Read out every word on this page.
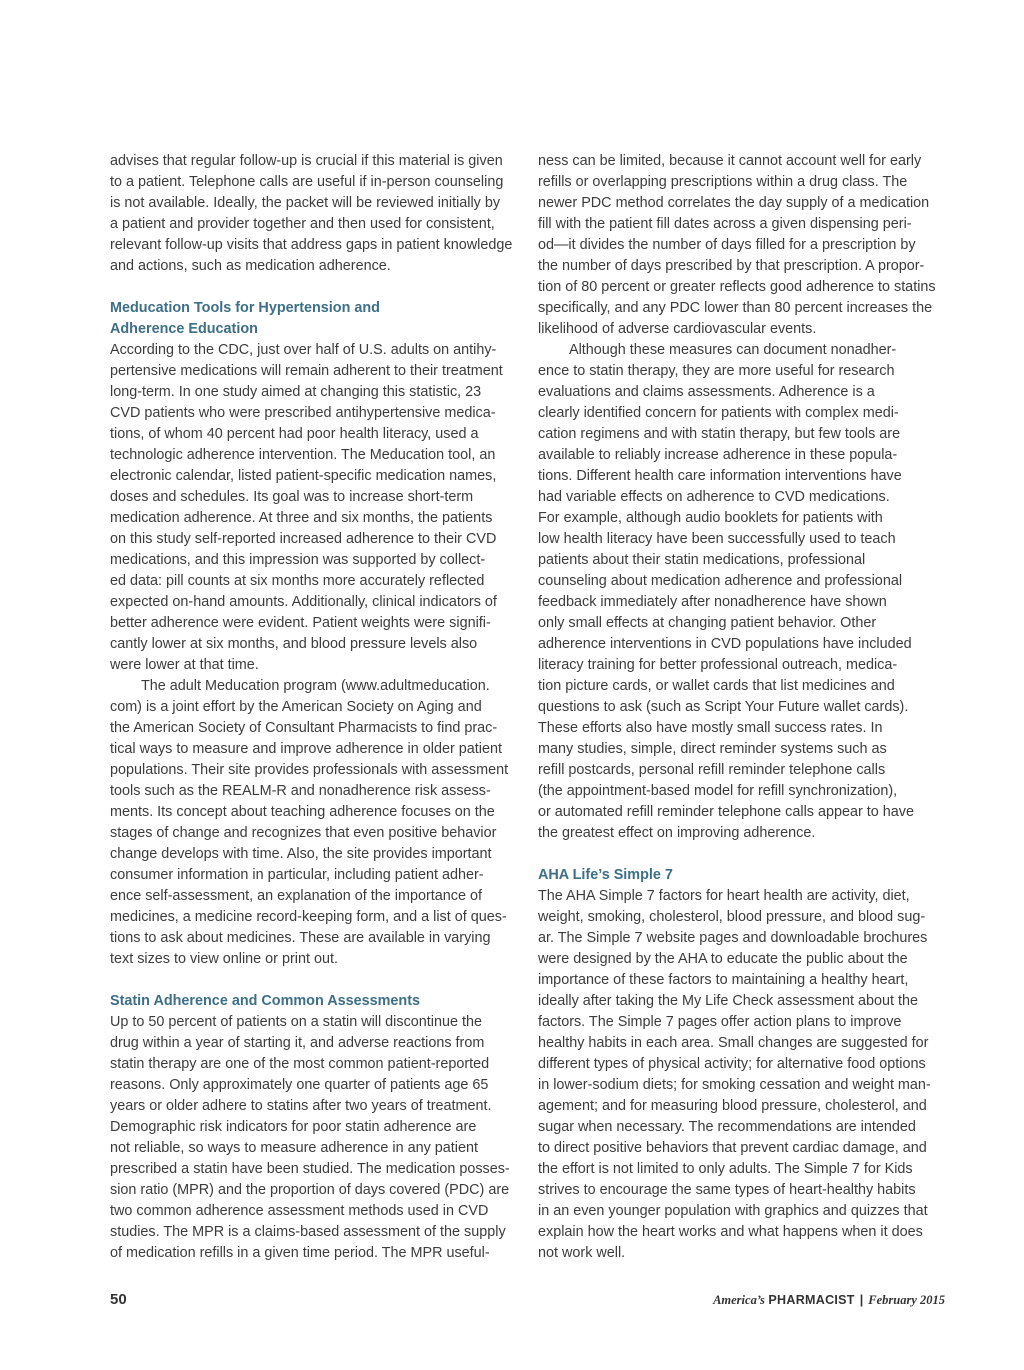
advises that regular follow-up is crucial if this material is given
to a patient. Telephone calls are useful if in-person counseling
is not available. Ideally, the packet will be reviewed initially by
a patient and provider together and then used for consistent,
relevant follow-up visits that address gaps in patient knowledge
and actions, such as medication adherence.
Meducation Tools for Hypertension and
Adherence Education
According to the CDC, just over half of U.S. adults on antihy-
pertensive medications will remain adherent to their treatment
long-term. In one study aimed at changing this statistic, 23
CVD patients who were prescribed antihypertensive medica-
tions, of whom 40 percent had poor health literacy, used a
technologic adherence intervention. The Meducation tool, an
electronic calendar, listed patient-specific medication names,
doses and schedules. Its goal was to increase short-term
medication adherence. At three and six months, the patients
on this study self-reported increased adherence to their CVD
medications, and this impression was supported by collect-
ed data: pill counts at six months more accurately reflected
expected on-hand amounts. Additionally, clinical indicators of
better adherence were evident. Patient weights were signifi-
cantly lower at six months, and blood pressure levels also
were lower at that time.
The adult Meducation program (www.adultmeducation.
com) is a joint effort by the American Society on Aging and
the American Society of Consultant Pharmacists to find prac-
tical ways to measure and improve adherence in older patient
populations. Their site provides professionals with assessment
tools such as the REALM-R and nonadherence risk assess-
ments. Its concept about teaching adherence focuses on the
stages of change and recognizes that even positive behavior
change develops with time. Also, the site provides important
consumer information in particular, including patient adher-
ence self-assessment, an explanation of the importance of
medicines, a medicine record-keeping form, and a list of ques-
tions to ask about medicines. These are available in varying
text sizes to view online or print out.
Statin Adherence and Common Assessments
Up to 50 percent of patients on a statin will discontinue the
drug within a year of starting it, and adverse reactions from
statin therapy are one of the most common patient-reported
reasons. Only approximately one quarter of patients age 65
years or older adhere to statins after two years of treatment.
Demographic risk indicators for poor statin adherence are
not reliable, so ways to measure adherence in any patient
prescribed a statin have been studied. The medication posses-
sion ratio (MPR) and the proportion of days covered (PDC) are
two common adherence assessment methods used in CVD
studies. The MPR is a claims-based assessment of the supply
of medication refills in a given time period. The MPR useful-
ness can be limited, because it cannot account well for early
refills or overlapping prescriptions within a drug class. The
newer PDC method correlates the day supply of a medication
fill with the patient fill dates across a given dispensing peri-
od—it divides the number of days filled for a prescription by
the number of days prescribed by that prescription. A propor-
tion of 80 percent or greater reflects good adherence to statins
specifically, and any PDC lower than 80 percent increases the
likelihood of adverse cardiovascular events.
Although these measures can document nonadher-
ence to statin therapy, they are more useful for research
evaluations and claims assessments. Adherence is a
clearly identified concern for patients with complex medi-
cation regimens and with statin therapy, but few tools are
available to reliably increase adherence in these popula-
tions. Different health care information interventions have
had variable effects on adherence to CVD medications.
For example, although audio booklets for patients with
low health literacy have been successfully used to teach
patients about their statin medications, professional
counseling about medication adherence and professional
feedback immediately after nonadherence have shown
only small effects at changing patient behavior. Other
adherence interventions in CVD populations have included
literacy training for better professional outreach, medica-
tion picture cards, or wallet cards that list medicines and
questions to ask (such as Script Your Future wallet cards).
These efforts also have mostly small success rates. In
many studies, simple, direct reminder systems such as
refill postcards, personal refill reminder telephone calls
(the appointment-based model for refill synchronization),
or automated refill reminder telephone calls appear to have
the greatest effect on improving adherence.
AHA Life’s Simple 7
The AHA Simple 7 factors for heart health are activity, diet,
weight, smoking, cholesterol, blood pressure, and blood sug-
ar. The Simple 7 website pages and downloadable brochures
were designed by the AHA to educate the public about the
importance of these factors to maintaining a healthy heart,
ideally after taking the My Life Check assessment about the
factors. The Simple 7 pages offer action plans to improve
healthy habits in each area. Small changes are suggested for
different types of physical activity; for alternative food options
in lower-sodium diets; for smoking cessation and weight man-
agement; and for measuring blood pressure, cholesterol, and
sugar when necessary. The recommendations are intended
to direct positive behaviors that prevent cardiac damage, and
the effort is not limited to only adults. The Simple 7 for Kids
strives to encourage the same types of heart-healthy habits
in an even younger population with graphics and quizzes that
explain how the heart works and what happens when it does
not work well.
50	America’s PHARMACIST | February 2015
